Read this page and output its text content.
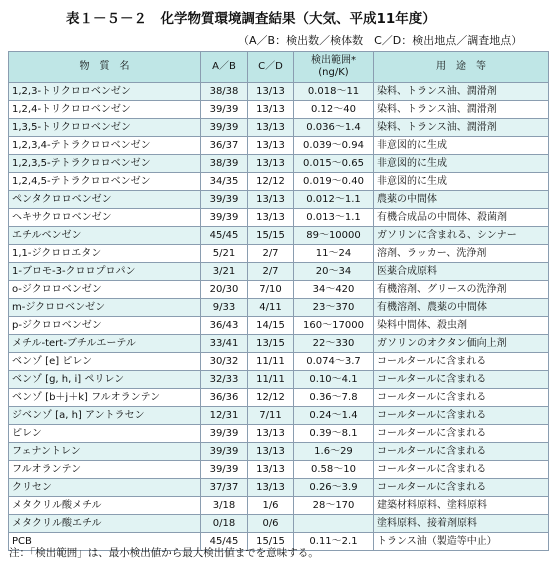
表１－５－２　化学物質環境調査結果（大気、平成11年度）
（A／B：検出数／検体数　C／D：検出地点／調査地点）
物　質　名	A／B	C／D	検出範囲*
(ng/K)	用　途　等
1,2,3-トリクロロベンゼン	38/38	13/13	0.018～11	染料、トランス油、潤滑剤
1,2,4-トリクロロベンゼン	39/39	13/13	0.12～40	染料、トランス油、潤滑剤
1,3,5-トリクロロベンゼン	39/39	13/13	0.036～1.4	染料、トランス油、潤滑剤
1,2,3,4-テトラクロロベンゼン	36/37	13/13	0.039～0.94	非意図的に生成
1,2,3,5-テトラクロロベンゼン	38/39	13/13	0.015～0.65	非意図的に生成
1,2,4,5-テトラクロロベンゼン	34/35	12/12	0.019～0.40	非意図的に生成
ペンタクロロベンゼン	39/39	13/13	0.012～1.1	農薬の中間体
ヘキサクロロベンゼン	39/39	13/13	0.013～1.1	有機合成品の中間体、殺菌剤
エチルベンゼン	45/45	15/15	89～10000	ガソリンに含まれる、シンナー
1,1-ジクロロエタン	5/21	2/7	11～24	溶剤、ラッカー、洗浄剤
1-ブロモ-3-クロロプロパン	3/21	2/7	20～34	医薬合成原料
o-ジクロロベンゼン	20/30	7/10	34～420	有機溶剤、グリースの洗浄剤
m-ジクロロベンゼン	9/33	4/11	23～370	有機溶剤、農薬の中間体
p-ジクロロベンゼン	36/43	14/15	160～17000	染料中間体、殺虫剤
メチル-tert-ブチルエーテル	33/41	13/15	22～330	ガソリンのオクタン価向上剤
ベンゾ [e] ピレン	30/32	11/11	0.074～3.7	コールタールに含まれる
ベンゾ [g, h, i] ペリレン	32/33	11/11	0.10～4.1	コールタールに含まれる
ベンゾ [b＋j＋k] フルオランテン	36/36	12/12	0.36～7.8	コールタールに含まれる
ジベンゾ [a, h] アントラセン	12/31	7/11	0.24～1.4	コールタールに含まれる
ピレン	39/39	13/13	0.39～8.1	コールタールに含まれる
フェナントレン	39/39	13/13	1.6～29	コールタールに含まれる
フルオランテン	39/39	13/13	0.58～10	コールタールに含まれる
クリセン	37/37	13/13	0.26～3.9	コールタールに含まれる
メタクリル酸メチル	3/18	1/6	28～170	建築材料原料、塗料原料
メタクリル酸エチル	0/18	0/6		塗料原料、接着剤原料
PCB	45/45	15/15	0.11～2.1	トランス油（製造等中止）
注：「検出範囲」は、最小検出値から最大検出値までを意味する。
